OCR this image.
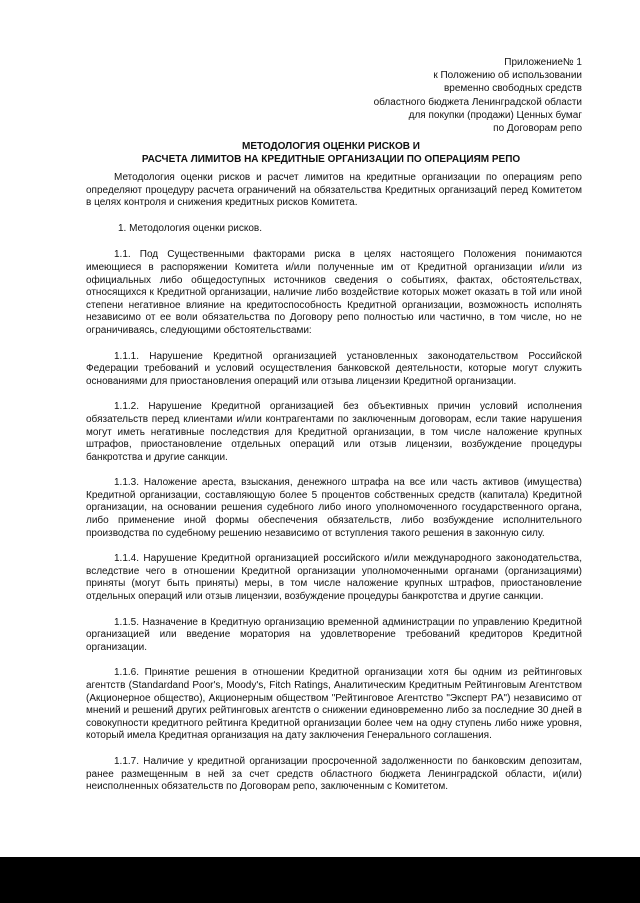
Приложение№ 1
к Положению об использовании
временно свободных средств
областного бюджета Ленинградской области
для покупки (продажи) Ценных бумаг
по Договорам репо
МЕТОДОЛОГИЯ ОЦЕНКИ РИСКОВ И
РАСЧЕТА ЛИМИТОВ НА КРЕДИТНЫЕ ОРГАНИЗАЦИИ ПО ОПЕРАЦИЯМ РЕПО

Методология оценки рисков и расчет лимитов на кредитные организации по операциям репо определяют процедуру расчета ограничений на обязательства Кредитных организаций перед Комитетом в целях контроля и снижения кредитных рисков Комитета.

1. Методология оценки рисков.

1.1. Под Существенными факторами риска в целях настоящего Положения понимаются имеющиеся в распоряжении Комитета и/или полученные им от Кредитной организации и/или из официальных либо общедоступных источников сведения о событиях, фактах, обстоятельствах, относящихся к Кредитной организации, наличие либо воздействие которых может оказать в той или иной степени негативное влияние на кредитоспособность Кредитной организации, возможность исполнять независимо от ее воли обязательства по Договору репо полностью или частично, в том числе, но не ограничиваясь, следующими обстоятельствами:

1.1.1. Нарушение Кредитной организацией установленных законодательством Российской Федерации требований и условий осуществления банковской деятельности, которые могут служить основаниями для приостановления операций или отзыва лицензии Кредитной организации.

1.1.2. Нарушение Кредитной организацией без объективных причин условий исполнения обязательств перед клиентами и/или контрагентами по заключенным договорам, если такие нарушения могут иметь негативные последствия для Кредитной организации, в том числе наложение крупных штрафов, приостановление отдельных операций или отзыв лицензии, возбуждение процедуры банкротства и другие санкции.

1.1.3. Наложение ареста, взыскания, денежного штрафа на все или часть активов (имущества) Кредитной организации, составляющую более 5 процентов собственных средств (капитала) Кредитной организации, на основании решения судебного либо иного уполномоченного государственного органа, либо применение иной формы обеспечения обязательств, либо возбуждение исполнительного производства по судебному решению независимо от вступления такого решения в законную силу.

1.1.4. Нарушение Кредитной организацией российского и/или международного законодательства, вследствие чего в отношении Кредитной организации уполномоченными органами (организациями) приняты (могут быть приняты) меры, в том числе наложение крупных штрафов, приостановление отдельных операций или отзыв лицензии, возбуждение процедуры банкротства и другие санкции.

1.1.5. Назначение в Кредитную организацию временной администрации по управлению Кредитной организацией или введение моратория на удовлетворение требований кредиторов Кредитной организации.

1.1.6. Принятие решения в отношении Кредитной организации хотя бы одним из рейтинговых агентств (Standardand Poor's, Moody's, Fitch Ratings, Аналитическим Кредитным Рейтинговым Агентством (Акционерное общество), Акционерным обществом "Рейтинговое Агентство "Эксперт РА") независимо от мнений и решений других рейтинговых агентств о снижении единовременно либо за последние 30 дней в совокупности кредитного рейтинга Кредитной организации более чем на одну ступень либо ниже уровня, который имела Кредитная организация на дату заключения Генерального соглашения.

1.1.7. Наличие у кредитной организации просроченной задолженности по банковским депозитам, ранее размещенным в ней за счет средств областного бюджета Ленинградской области, и(или) неисполненных обязательств по Договорам репо, заключенным с Комитетом.
